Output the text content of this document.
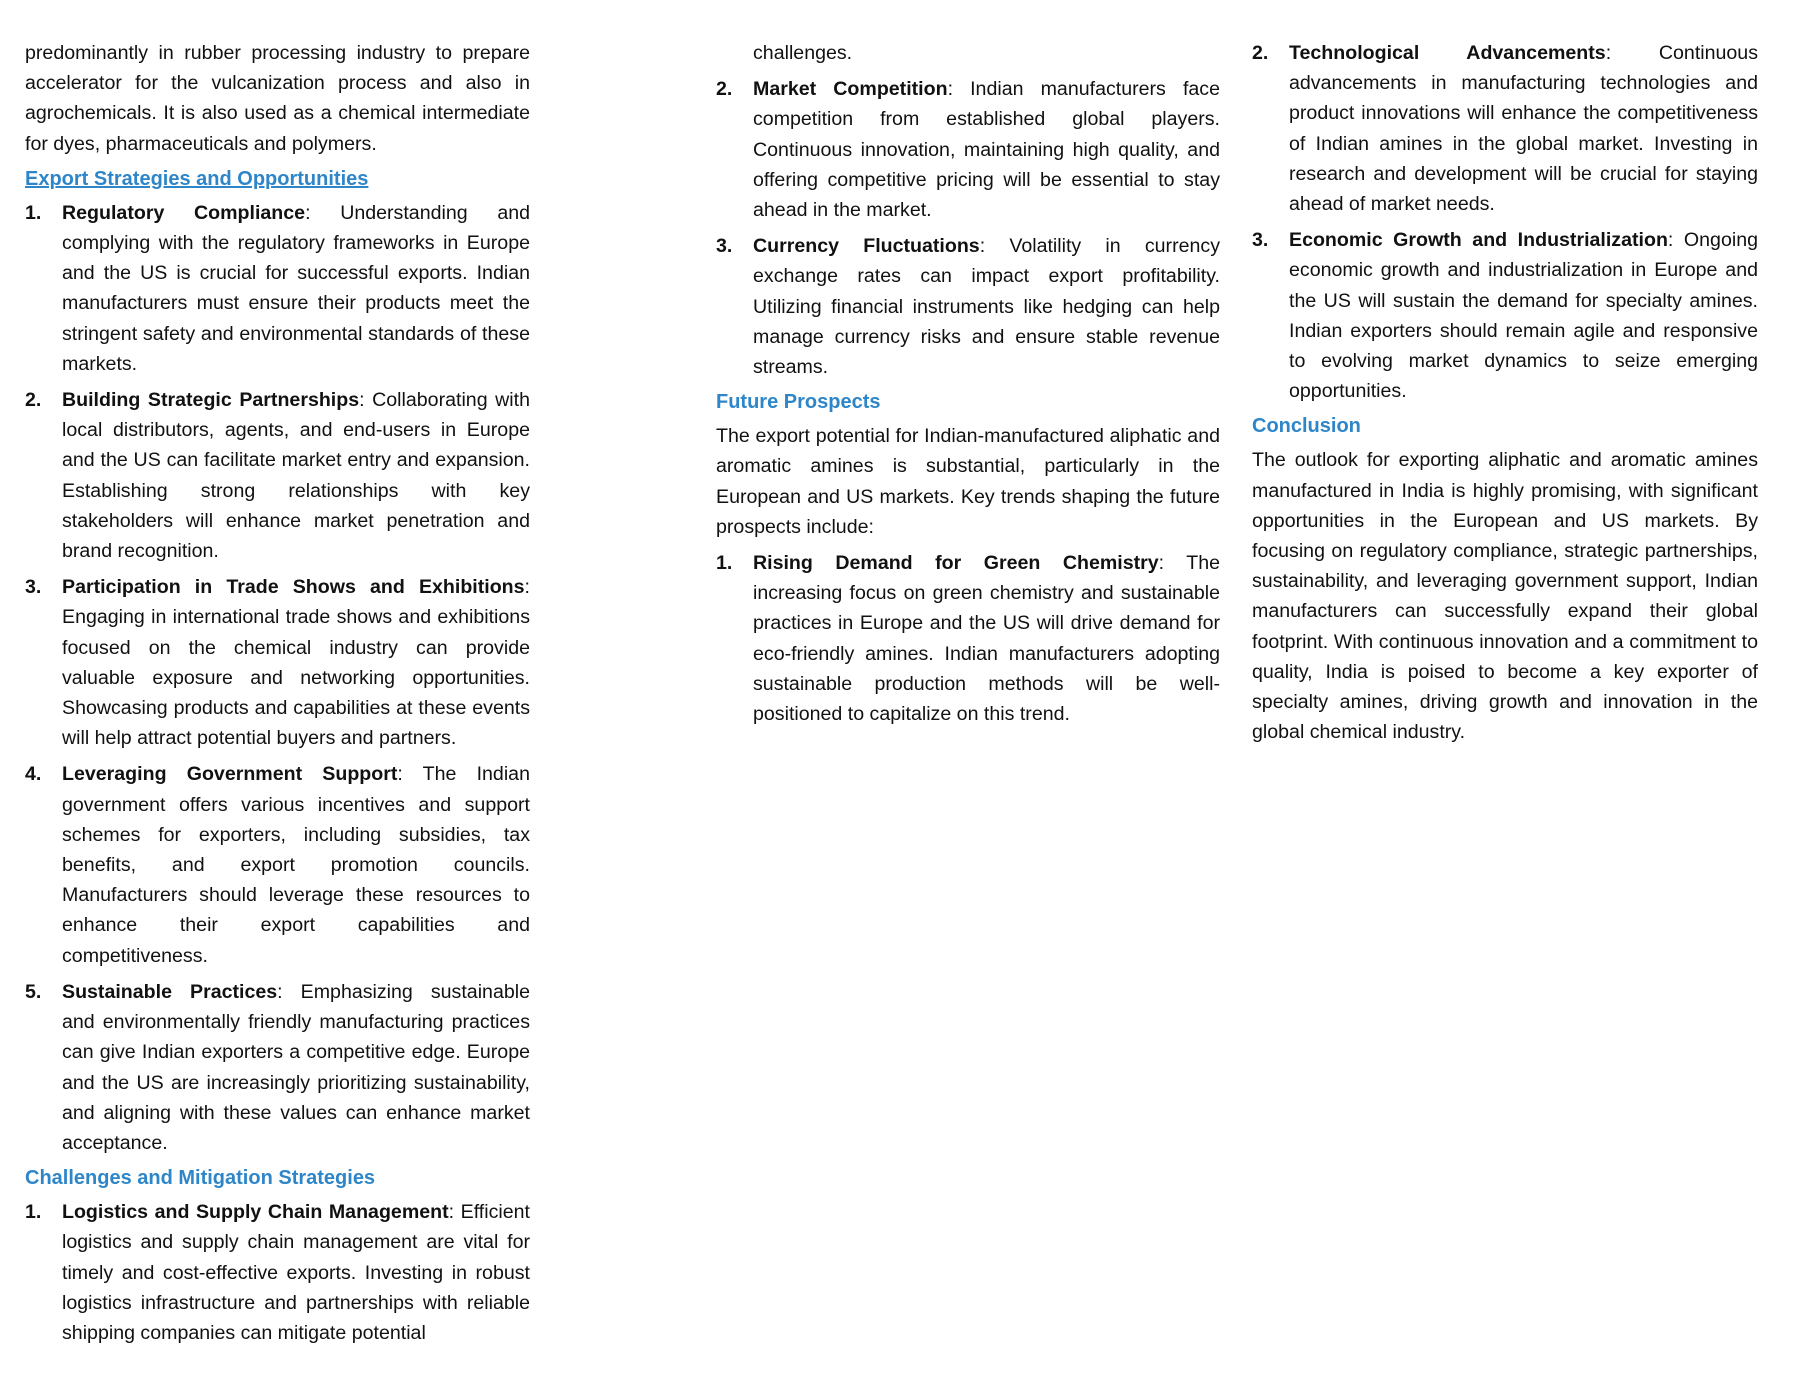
predominantly in rubber processing industry to prepare accelerator for the vulcanization process and also in agrochemicals. It is also used as a chemical intermediate for dyes, pharmaceuticals and polymers.

Export Strategies and Opportunities
1. Regulatory Compliance: Understanding and complying with the regulatory frameworks in Europe and the US is crucial for successful exports. Indian manufacturers must ensure their products meet the stringent safety and environmental standards of these markets.
2. Building Strategic Partnerships: Collaborating with local distributors, agents, and end-users in Europe and the US can facilitate market entry and expansion. Establishing strong relationships with key stakeholders will enhance market penetration and brand recognition.
3. Participation in Trade Shows and Exhibitions: Engaging in international trade shows and exhibitions focused on the chemical industry can provide valuable exposure and networking opportunities. Showcasing products and capabilities at these events will help attract potential buyers and partners.
4. Leveraging Government Support: The Indian government offers various incentives and support schemes for exporters, including subsidies, tax benefits, and export promotion councils. Manufacturers should leverage these resources to enhance their export capabilities and competitiveness.
5. Sustainable Practices: Emphasizing sustainable and environmentally friendly manufacturing practices can give Indian exporters a competitive edge. Europe and the US are increasingly prioritizing sustainability, and aligning with these values can enhance market acceptance.
Challenges and Mitigation Strategies
1. Logistics and Supply Chain Management: Efficient logistics and supply chain management are vital for timely and cost-effective exports. Investing in robust logistics infrastructure and partnerships with reliable shipping companies can mitigate potential
challenges.
2. Market Competition: Indian manufacturers face competition from established global players. Continuous innovation, maintaining high quality, and offering competitive pricing will be essential to stay ahead in the market.
3. Currency Fluctuations: Volatility in currency exchange rates can impact export profitability. Utilizing financial instruments like hedging can help manage currency risks and ensure stable revenue streams.
Future Prospects

The export potential for Indian-manufactured aliphatic and aromatic amines is substantial, particularly in the European and US markets. Key trends shaping the future prospects include:

1. Rising Demand for Green Chemistry: The increasing focus on green chemistry and sustainable practices in Europe and the US will drive demand for eco-friendly amines. Indian manufacturers adopting sustainable production methods will be well-positioned to capitalize on this trend.
2. Technological Advancements: Continuous advancements in manufacturing technologies and product innovations will enhance the competitiveness of Indian amines in the global market. Investing in research and development will be crucial for staying ahead of market needs.
3. Economic Growth and Industrialization: Ongoing economic growth and industrialization in Europe and the US will sustain the demand for specialty amines. Indian exporters should remain agile and responsive to evolving market dynamics to seize emerging opportunities.
Conclusion

The outlook for exporting aliphatic and aromatic amines manufactured in India is highly promising, with significant opportunities in the European and US markets. By focusing on regulatory compliance, strategic partnerships, sustainability, and leveraging government support, Indian manufacturers can successfully expand their global footprint. With continuous innovation and a commitment to quality, India is poised to become a key exporter of specialty amines, driving growth and innovation in the global chemical industry.
